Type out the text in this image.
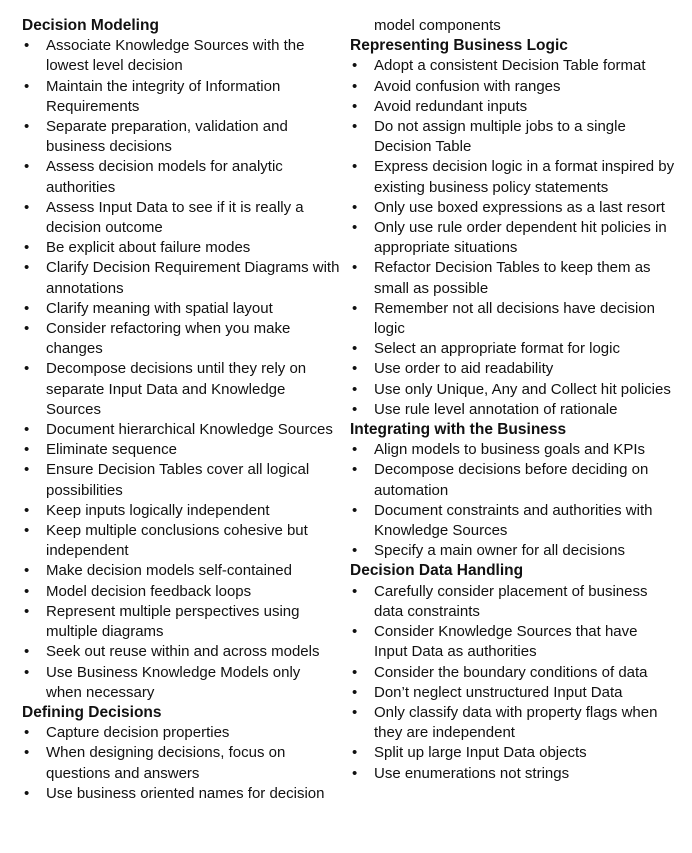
Decision Modeling
• Associate Knowledge Sources with the lowest level decision
• Maintain the integrity of Information Requirements
• Separate preparation, validation and business decisions
• Assess decision models for analytic authorities
• Assess Input Data to see if it is really a decision outcome
• Be explicit about failure modes
• Clarify Decision Requirement Diagrams with annotations
• Clarify meaning with spatial layout
• Consider refactoring when you make changes
• Decompose decisions until they rely on separate Input Data and Knowledge Sources
• Document hierarchical Knowledge Sources
• Eliminate sequence
• Ensure Decision Tables cover all logical possibilities
• Keep inputs logically independent
• Keep multiple conclusions cohesive but independent
• Make decision models self-contained
• Model decision feedback loops
• Represent multiple perspectives using multiple diagrams
• Seek out reuse within and across models
• Use Business Knowledge Models only when necessary
Defining Decisions
• Capture decision properties
• When designing decisions, focus on questions and answers
• Use business oriented names for decision
model components
Representing Business Logic
• Adopt a consistent Decision Table format
• Avoid confusion with ranges
• Avoid redundant inputs
• Do not assign multiple jobs to a single Decision Table
• Express decision logic in a format inspired by existing business policy statements
• Only use boxed expressions as a last resort
• Only use rule order dependent hit policies in appropriate situations
• Refactor Decision Tables to keep them as small as possible
• Remember not all decisions have decision logic
• Select an appropriate format for logic
• Use order to aid readability
• Use only Unique, Any and Collect hit policies
• Use rule level annotation of rationale
Integrating with the Business
• Align models to business goals and KPIs
• Decompose decisions before deciding on automation
• Document constraints and authorities with Knowledge Sources
• Specify a main owner for all decisions
Decision Data Handling
• Carefully consider placement of business data constraints
• Consider Knowledge Sources that have Input Data as authorities
• Consider the boundary conditions of data
• Don’t neglect unstructured Input Data
• Only classify data with property flags when they are independent
• Split up large Input Data objects
• Use enumerations not strings
